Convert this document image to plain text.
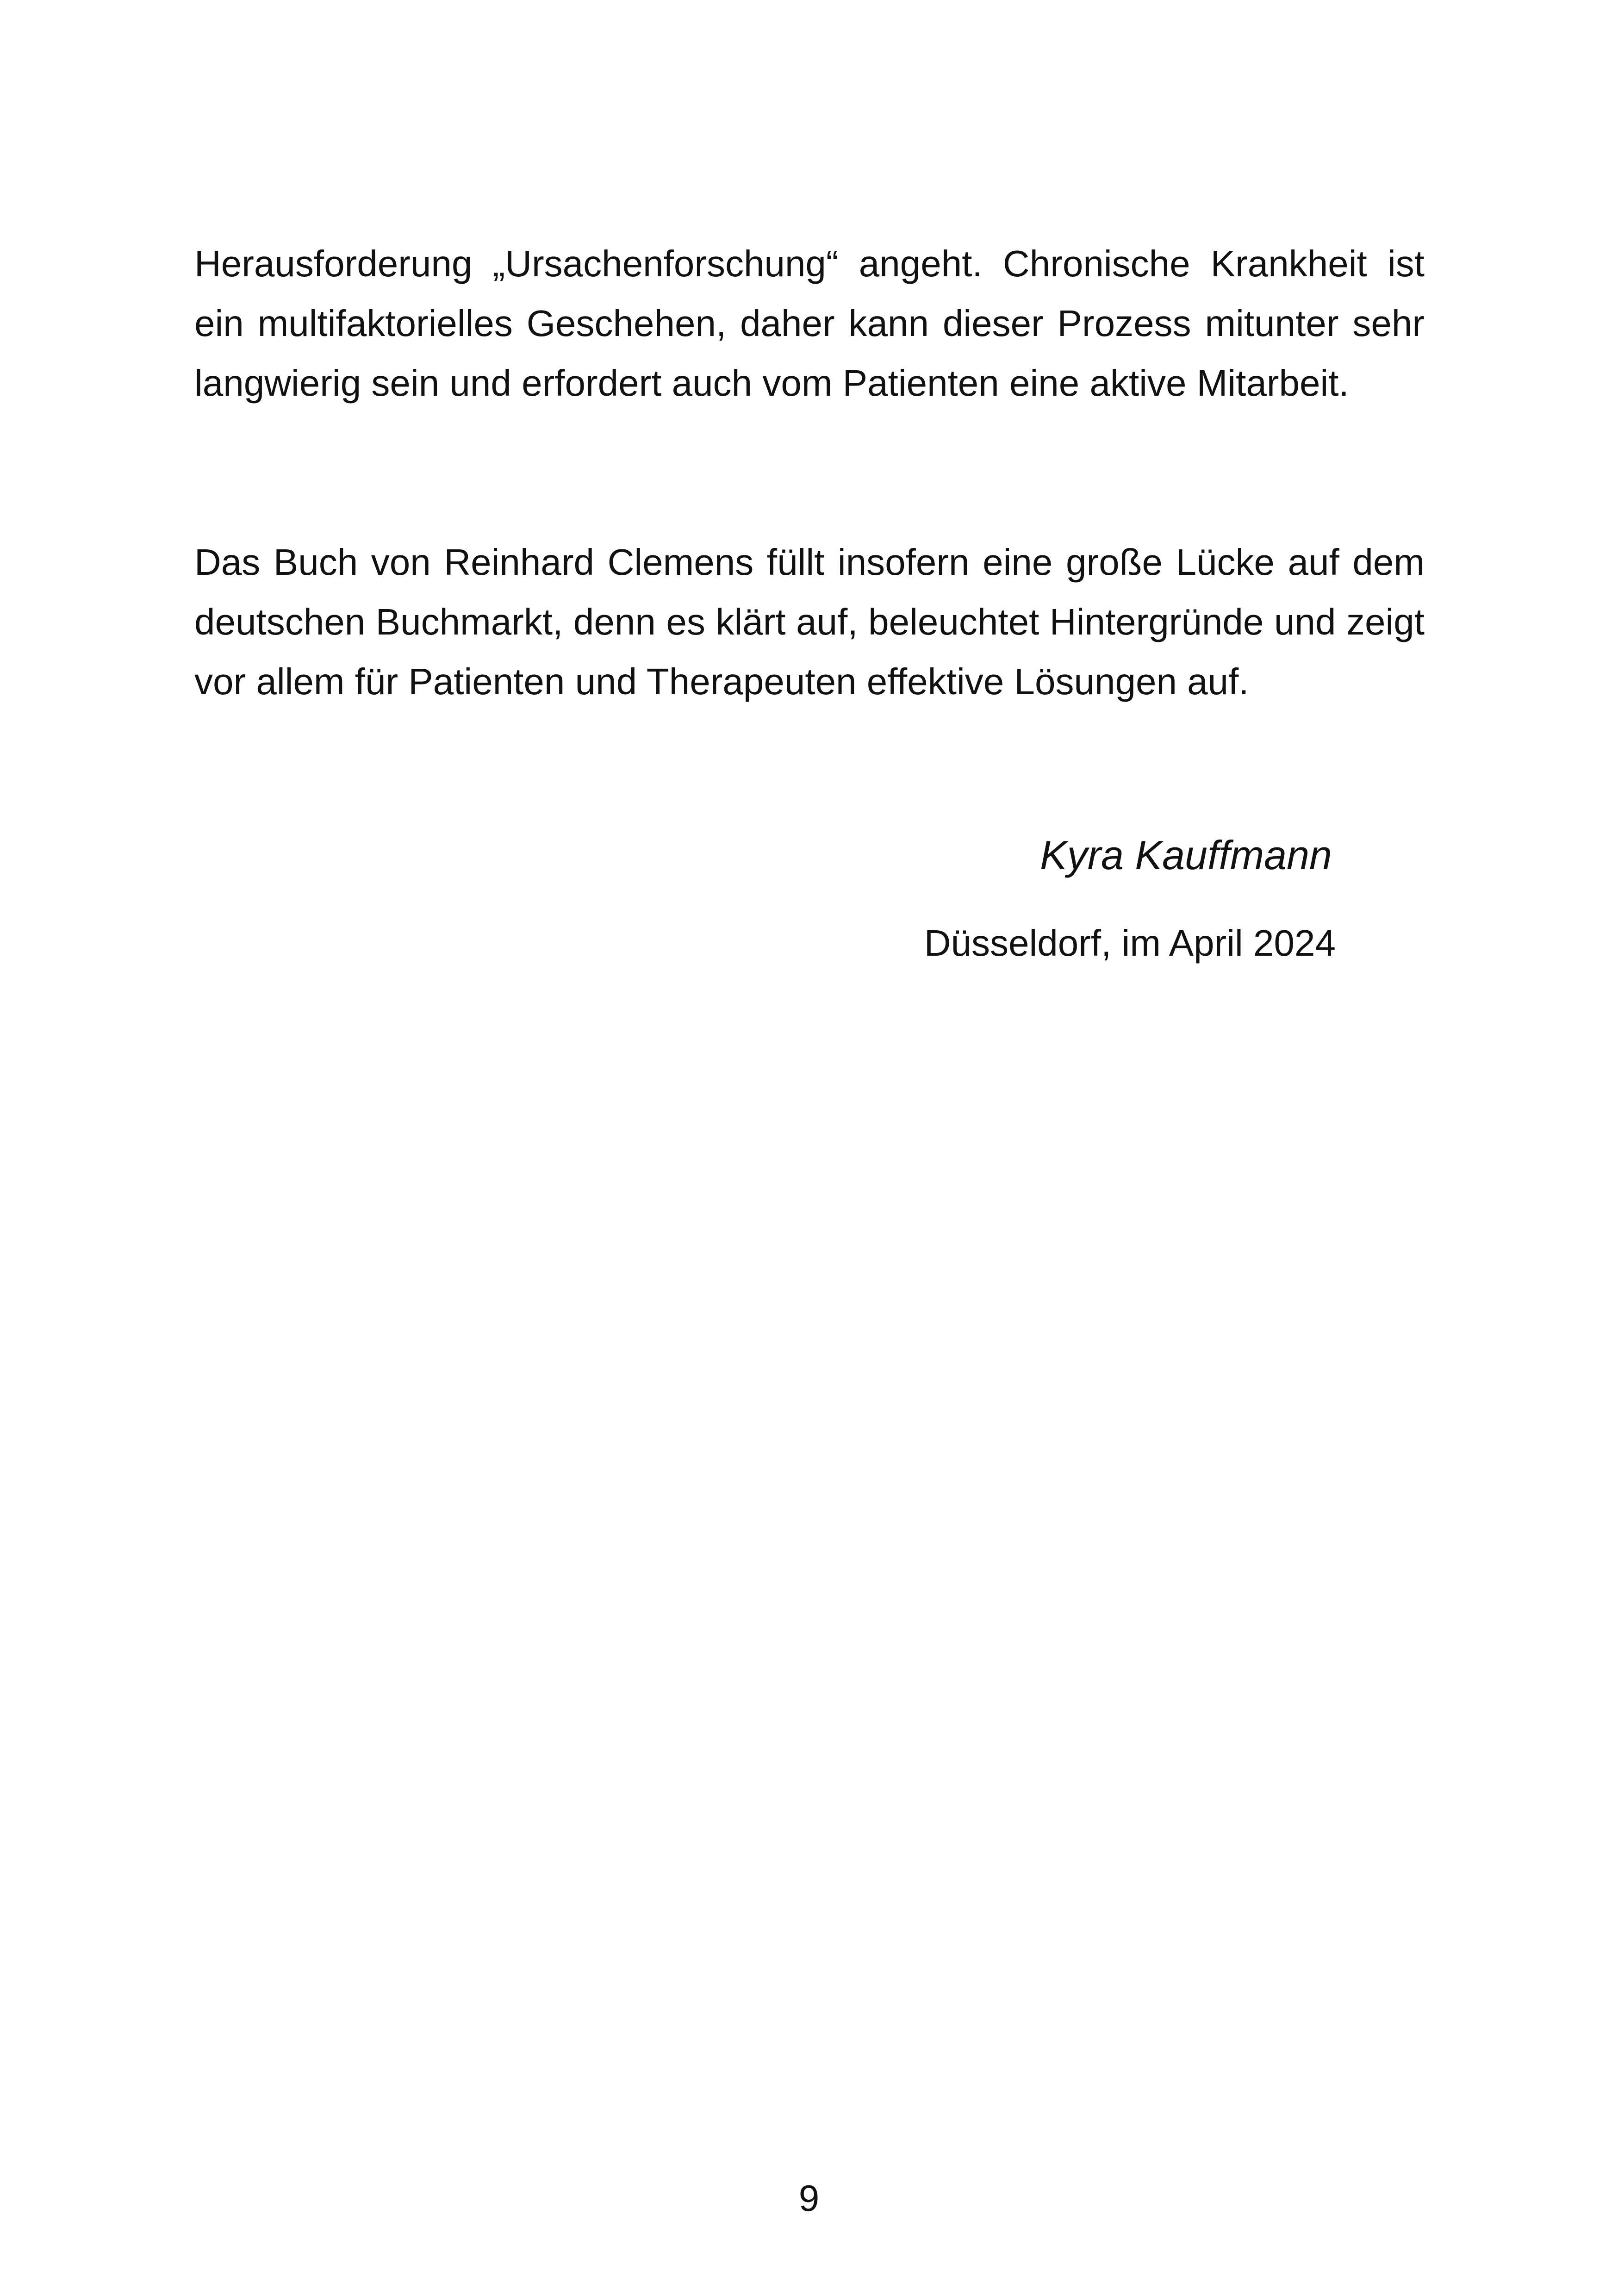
Herausforderung „Ursachenforschung“ angeht. Chronische Krankheit ist ein multifaktorielles Geschehen, daher kann dieser Prozess mitunter sehr langwierig sein und erfordert auch vom Patienten eine aktive Mitarbeit.

Das Buch von Reinhard Clemens füllt insofern eine große Lücke auf dem deutschen Buchmarkt, denn es klärt auf, beleuchtet Hintergründe und zeigt vor allem für Patienten und Therapeuten effektive Lösungen auf.

Kyra Kauffmann
Düsseldorf, im April 2024
9
